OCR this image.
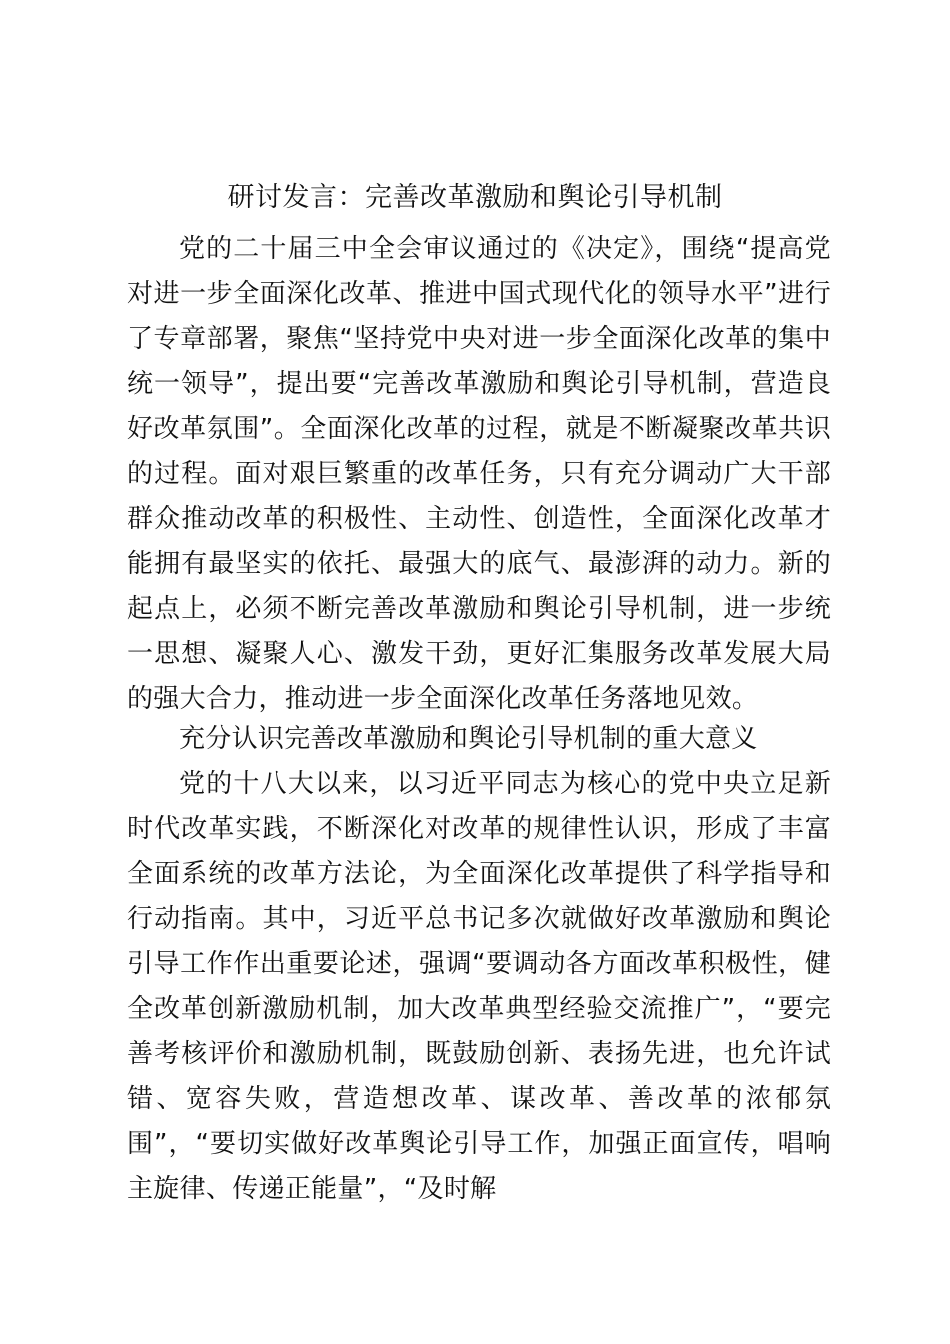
研讨发言：完善改革激励和舆论引导机制

党的二十届三中全会审议通过的《决定》，围绕“提高党对进一步全面深化改革、推进中国式现代化的领导水平”进行了专章部署，聚焦“坚持党中央对进一步全面深化改革的集中统一领导”，提出要“完善改革激励和舆论引导机制，营造良好改革氛围”。全面深化改革的过程，就是不断凝聚改革共识的过程。面对艰巨繁重的改革任务，只有充分调动广大干部群众推动改革的积极性、主动性、创造性，全面深化改革才能拥有最坚实的依托、最强大的底气、最澎湃的动力。新的起点上，必须不断完善改革激励和舆论引导机制，进一步统一思想、凝聚人心、激发干劲，更好汇集服务改革发展大局的强大合力，推动进一步全面深化改革任务落地见效。

充分认识完善改革激励和舆论引导机制的重大意义

党的十八大以来，以习近平同志为核心的党中央立足新时代改革实践，不断深化对改革的规律性认识，形成了丰富全面系统的改革方法论，为全面深化改革提供了科学指导和行动指南。其中，习近平总书记多次就做好改革激励和舆论引导工作作出重要论述，强调“要调动各方面改革积极性，健全改革创新激励机制，加大改革典型经验交流推广”，“要完善考核评价和激励机制，既鼓励创新、表扬先进，也允许试错、宽容失败，营造想改革、谋改革、善改革的浓郁氛围”，“要切实做好改革舆论引导工作，加强正面宣传，唱响主旋律、传递正能量”，“及时解
